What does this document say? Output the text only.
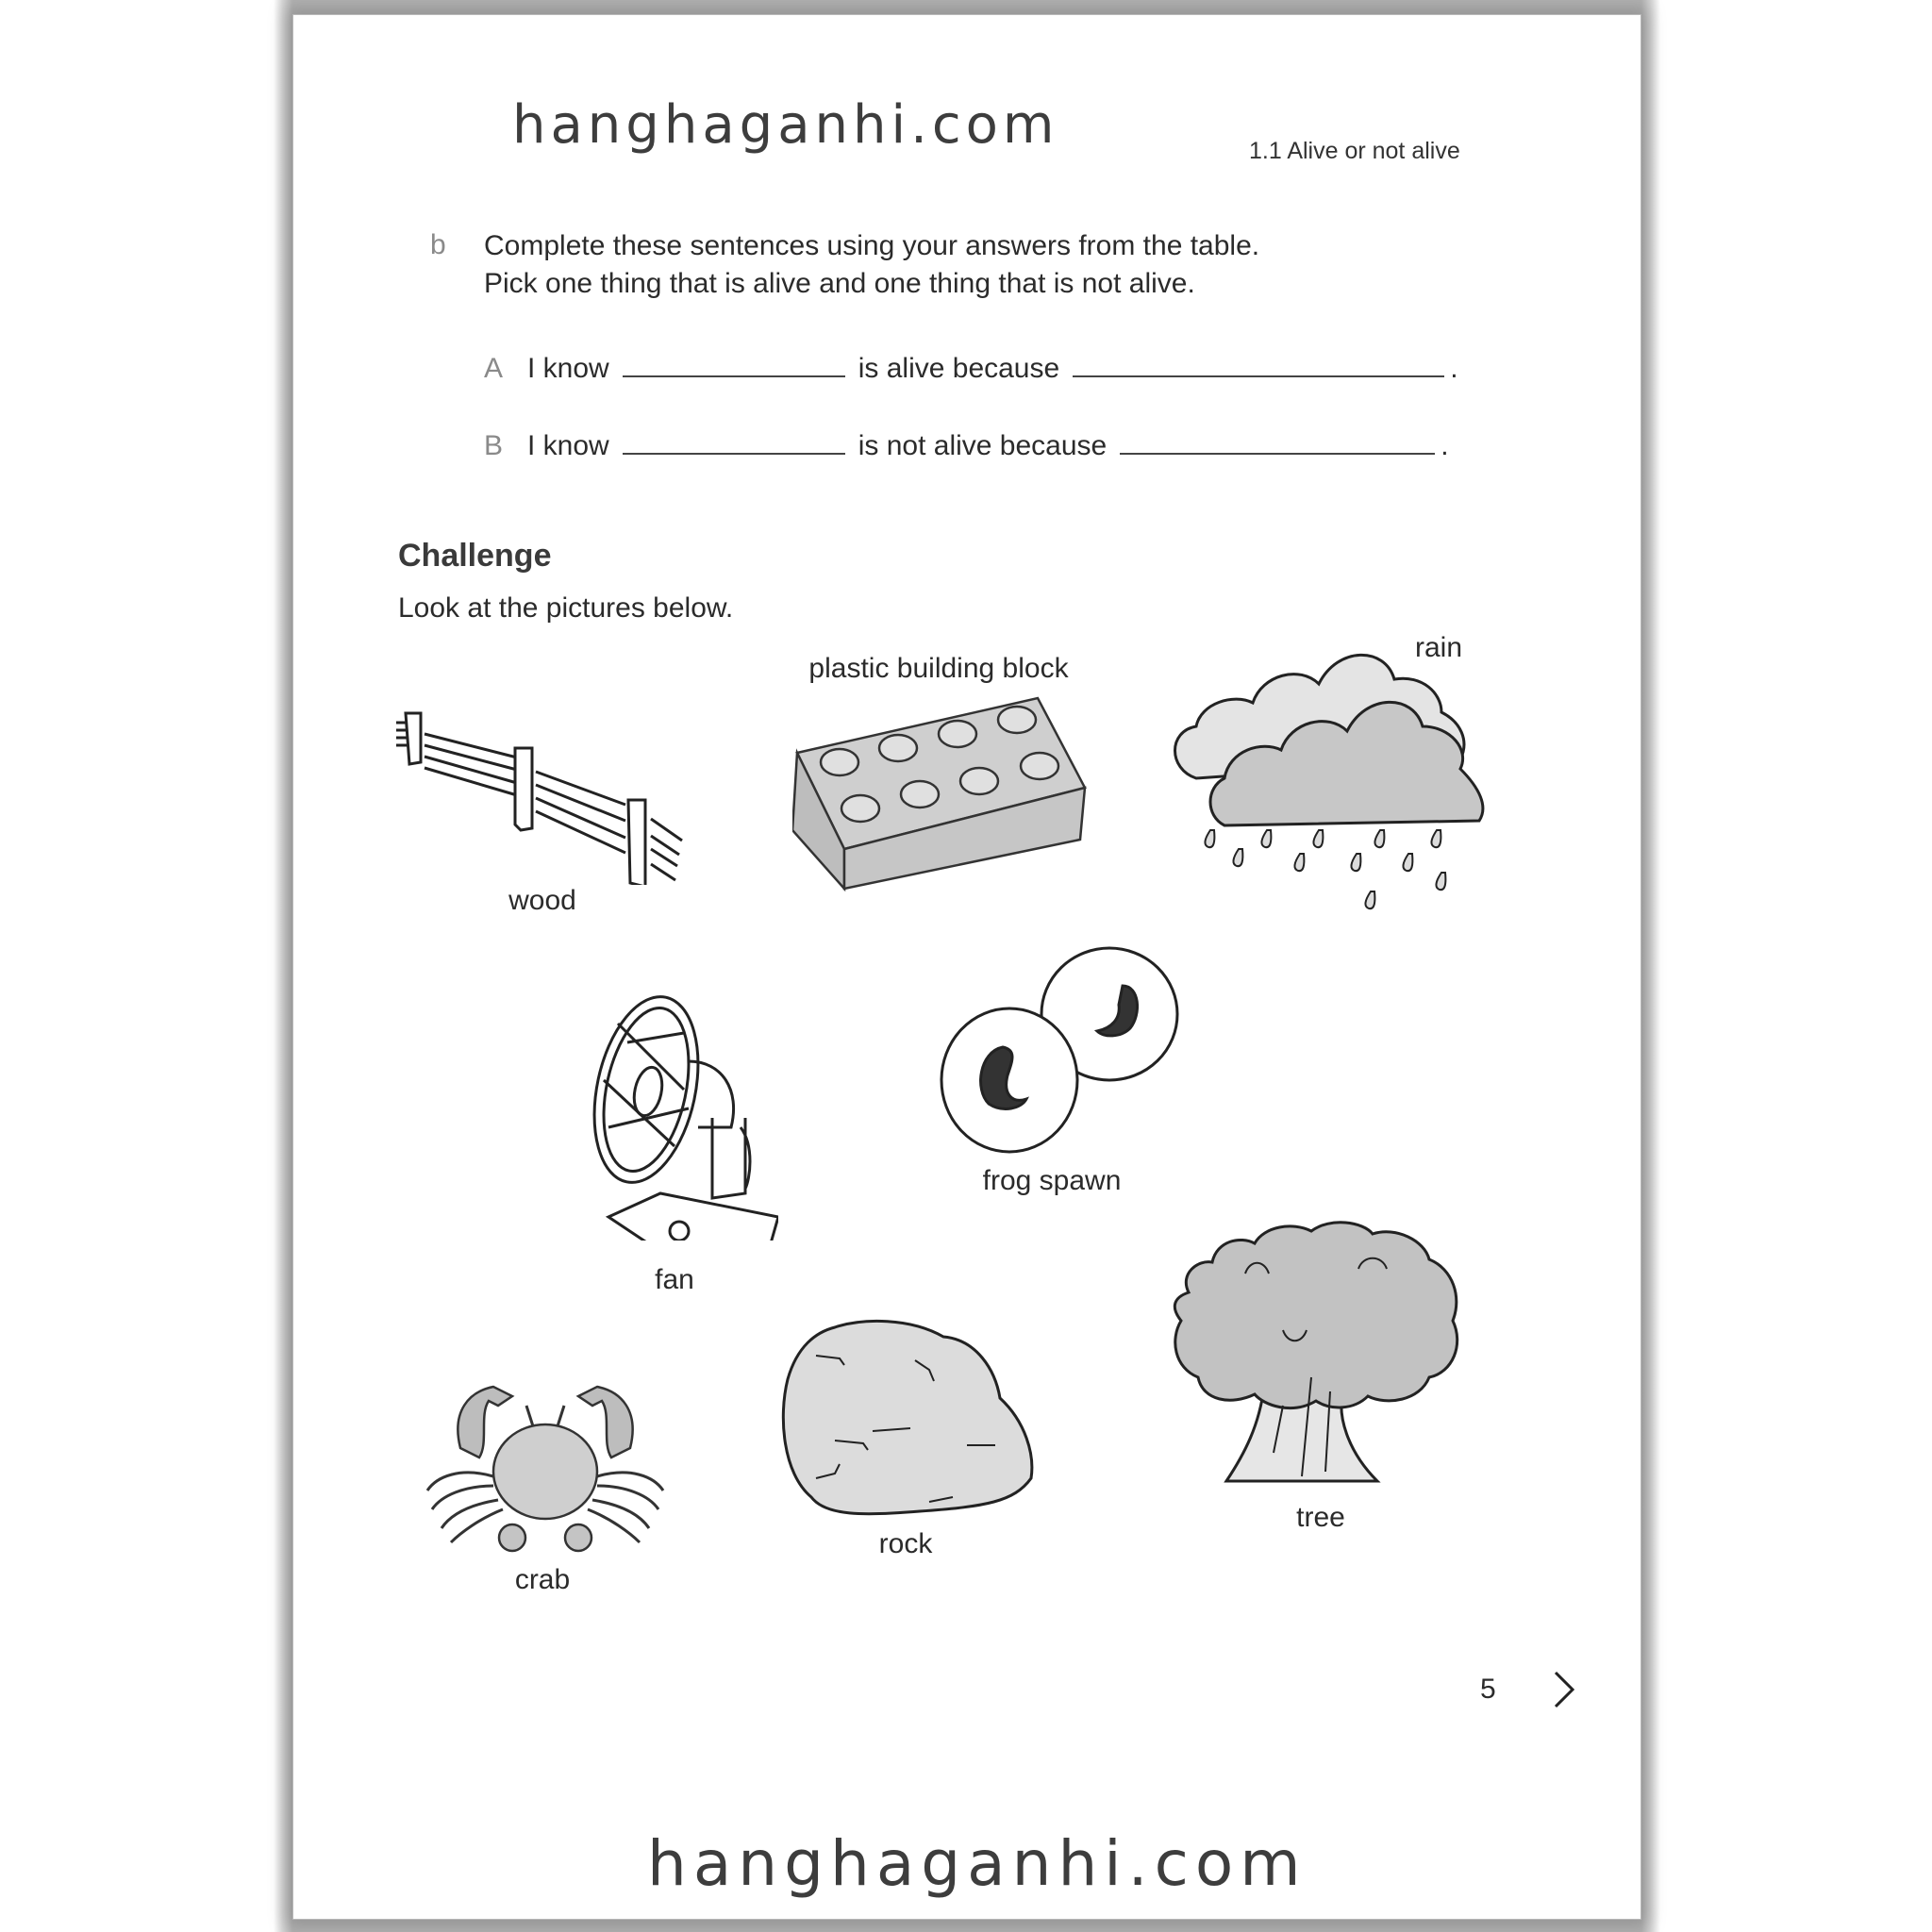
hanghaganhi.com	1.1 Alive or not alive
b Complete these sentences using your answers from the table.
Pick one thing that is alive and one thing that is not alive.
A I know	is alive because	.
B I know	is not alive because	.
Challenge
Look at the pictures below.
wood
plastic building block
rain
fan
frog spawn
crab
rock
tree
5
hanghaganhi.com
